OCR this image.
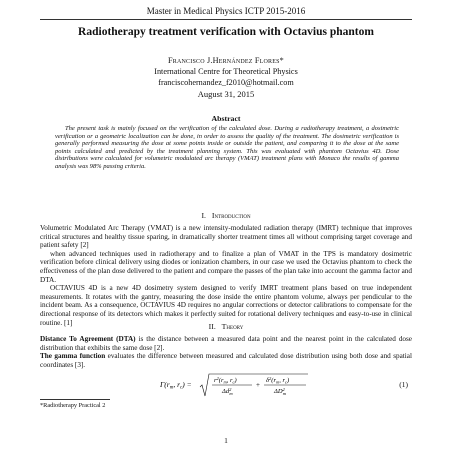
Master in Medical Physics ICTP 2015-2016
Radiotherapy treatment verification with Octavius phantom
Francisco J.Hernández Flores*
International Centre for Theoretical Physics
franciscohernandez_f2010@hotmail.com
August 31, 2015
Abstract
The present task is mainly focused on the verification of the calculated dose. During a radiotherapy treatment, a dosimetric verification or a geometric localization can be done, in order to assess the quality of the treatment. The dosimetric verification is generally performed measuring the dose at some points inside or outside the patient, and comparing it to the dose at the same points calculated and predicted by the treatment planning system. This was evaluated with phantom Octavius 4D. Dose distributions were calculated for volumetric modulated arc therapy (VMAT) treatment plans with Monaco the results of gamma analysis was 98% passing criteria.
I. Introduction

Volumetric Modulated Arc Therapy (VMAT) is a new intensity-modulated radiation therapy (IMRT) technique that improves critical structures and healthy tissue sparing, in dramatically shorter treatment times all without comprising target coverage and patient safety [2]

when advanced techniques used in radiotherapy and to finalize a plan of VMAT in the TPS is mandatory dosimetric verification before clinical delivery using diodes or ionization chambers, in our case we used the Octavius phantom to check the effectiveness of the plan dose delivered to the patient and compare the passes of the plan take into account the gamma factor and DTA.

OCTAVIUS 4D is a new 4D dosimetry system designed to verify IMRT treatment plans based on true independent measurements. It rotates with the gantry, measuring the dose inside the entire phantom volume, always per pendicular to the incident beam. As a consequence, OCTAVIUS 4D requires no angular corrections or detector calibrations to compensate for the directional response of its detectors which makes it perfectly suited for rotational delivery techniques and easy-to-use in clinical routine. [1]	II. Theory

Distance To Agreement (DTA) is the distance between a measured data point and the nearest point in the calculated dose distribution that exhibits the same dose [2].

The gamma function evaluates the difference between measured and calculated dose distribution using both dose and spatial coordinates [3].

$\Gamma(r_m$, $r_c$) =	$r^2(r_m$, $r_c$)
$\Delta d^2$ m
+
$\delta^2(r_m$, $r_c$)
$\Delta D^2$ m
(1)
*Radiotherapy Practical 2
1
